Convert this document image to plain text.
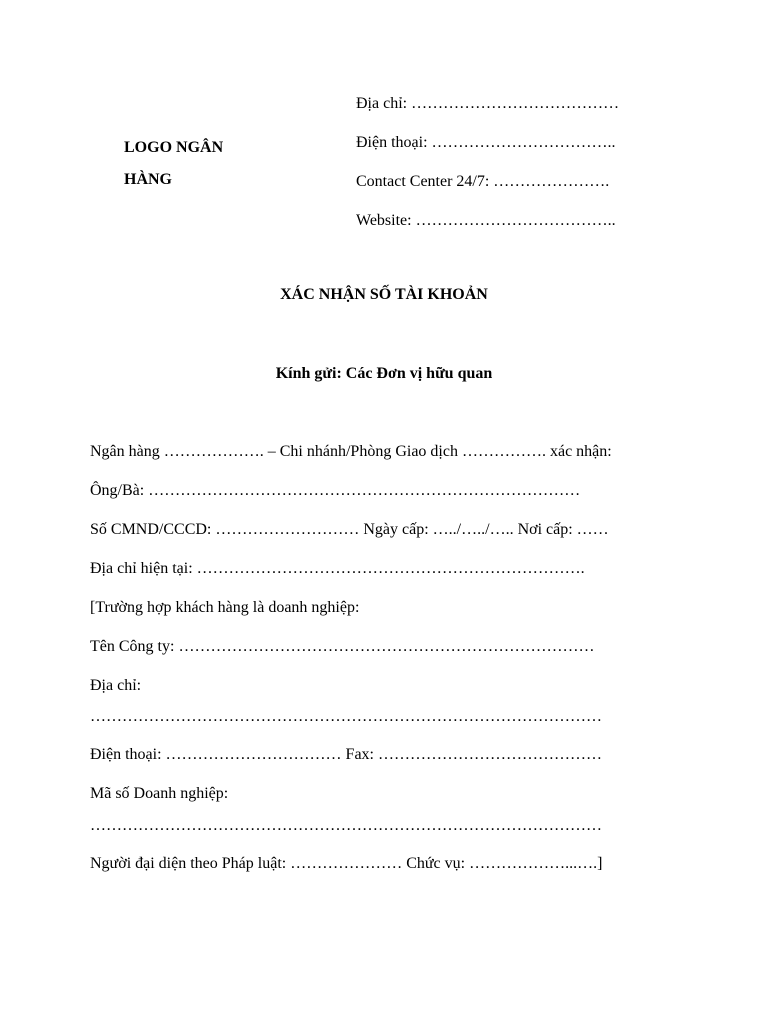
LOGO NGÂN
HÀNG
Địa chỉ: …………………………………
Điện thoại: ……………………………..
Contact Center 24/7: ………………….
Website: ………………………………..
XÁC NHẬN SỐ TÀI KHOẢN
Kính gửi: Các Đơn vị hữu quan
Ngân hàng ………………. – Chi nhánh/Phòng Giao dịch ……………. xác nhận:
Ông/Bà: ………………………………………………………………………
Số CMND/CCCD: ……………………… Ngày cấp: …../…../….. Nơi cấp: ……
Địa chỉ hiện tại: ……………………………………………………………….
[Trường hợp khách hàng là doanh nghiệp:
Tên Công ty: ……………………………………………………………………
Địa chỉ:
……………………………………………………………………………………
Điện thoại: …………………………… Fax: ……………………………………
Mã số Doanh nghiệp:
……………………………………………………………………………………
Người đại diện theo Pháp luật: ………………… Chức vụ: ………………...….]
